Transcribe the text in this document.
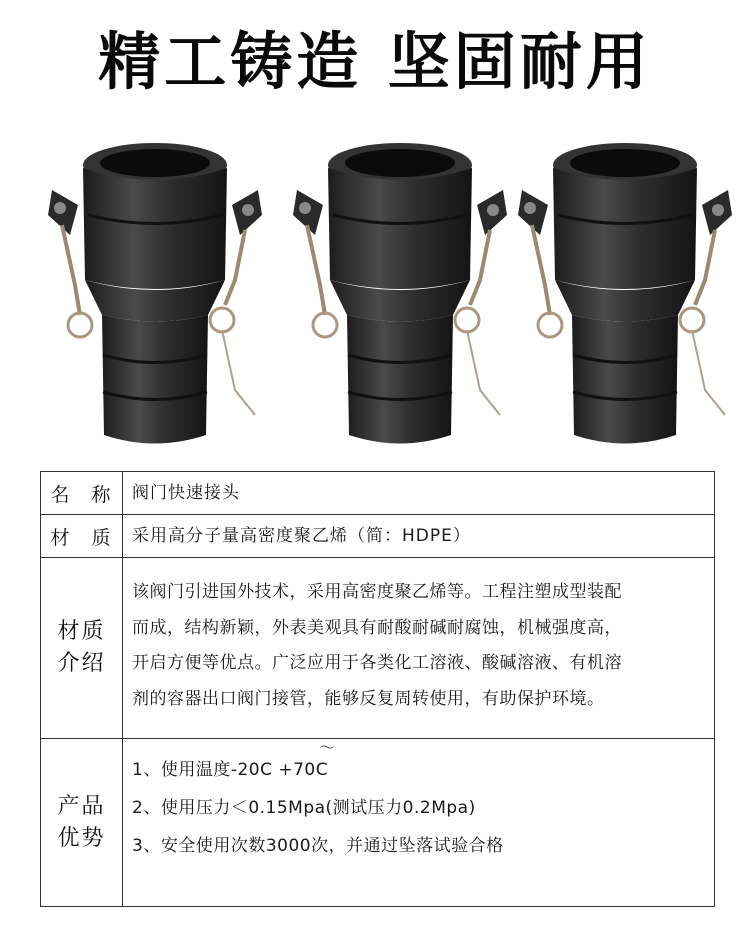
精工铸造 坚固耐用
名 称 阀门快速接头
材 质 采用高分子量高密度聚乙烯（简：HDPE）
材质
介绍
该阀门引进国外技术，采用高密度聚乙烯等。工程注塑成型装配
而成，结构新颖，外表美观具有耐酸耐碱耐腐蚀，机械强度高，
开启方便等优点。广泛应用于各类化工溶液、酸碱溶液、有机溶
剂的容器出口阀门接管，能够反复周转使用，有助保护环境。
产品
优势
～
1、使用温度-20C +70C
2、使用压力＜0.15Mpa(测试压力0.2Mpa)
3、安全使用次数3000次，并通过坠落试验合格
